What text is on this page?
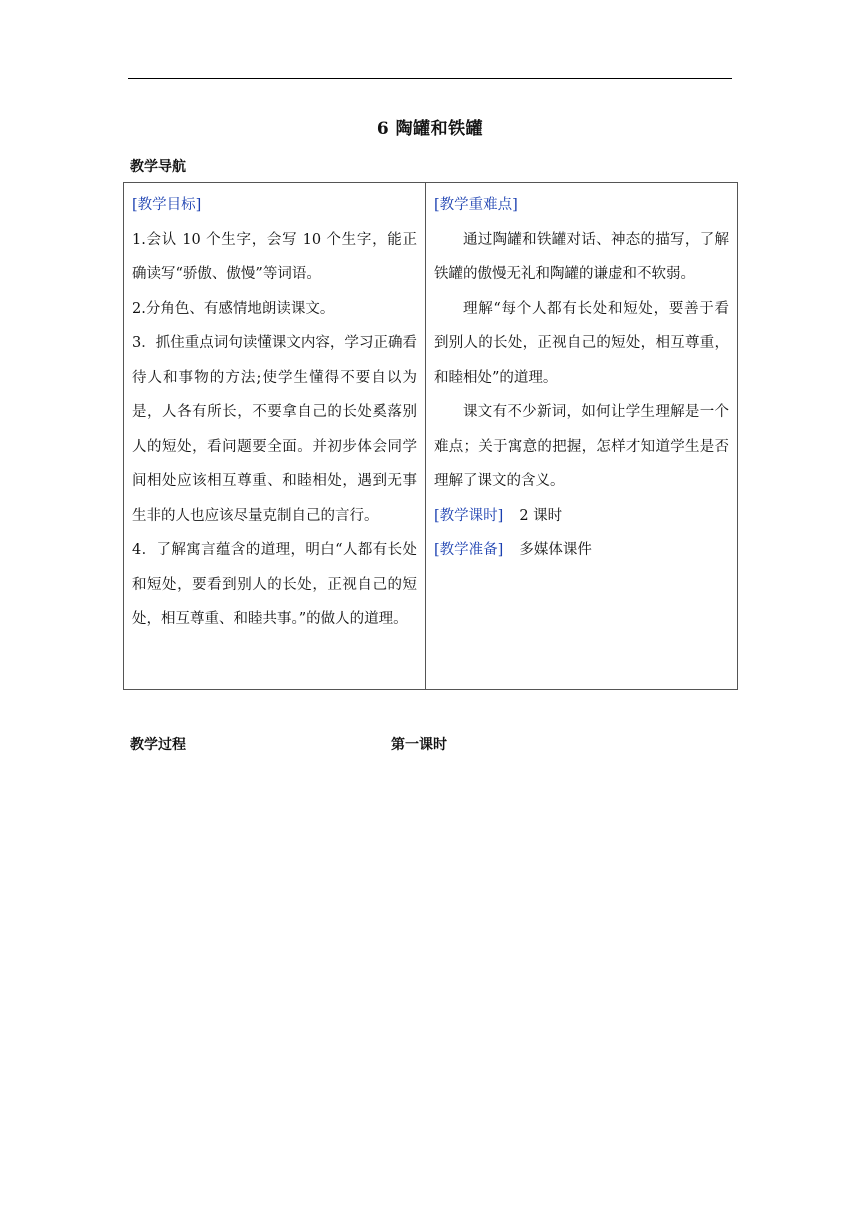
6 陶罐和铁罐
教学导航

[教学目标]

1.会认 10 个生字，会写 10 个生字，能正确读写“骄傲、傲慢”等词语。

2.分角色、有感情地朗读课文。

3．抓住重点词句读懂课文内容，学习正确看待人和事物的方法;使学生懂得不要自以为是，人各有所长，不要拿自己的长处奚落别人的短处，看问题要全面。并初步体会同学间相处应该相互尊重、和睦相处，遇到无事生非的人也应该尽量克制自己的言行。

4．了解寓言蕴含的道理，明白“人都有长处和短处，要看到别人的长处，正视自己的短处，相互尊重、和睦共事。”的做人的道理。

[教学重难点]

通过陶罐和铁罐对话、神态的描写，了解铁罐的傲慢无礼和陶罐的谦虚和不软弱。

理解“每个人都有长处和短处，要善于看到别人的长处，正视自己的短处，相互尊重，和睦相处”的道理。

课文有不少新词，如何让学生理解是一个难点；关于寓意的把握，怎样才知道学生是否理解了课文的含义。

[教学课时] 2 课时

[教学准备] 多媒体课件

教学过程	第一课时
